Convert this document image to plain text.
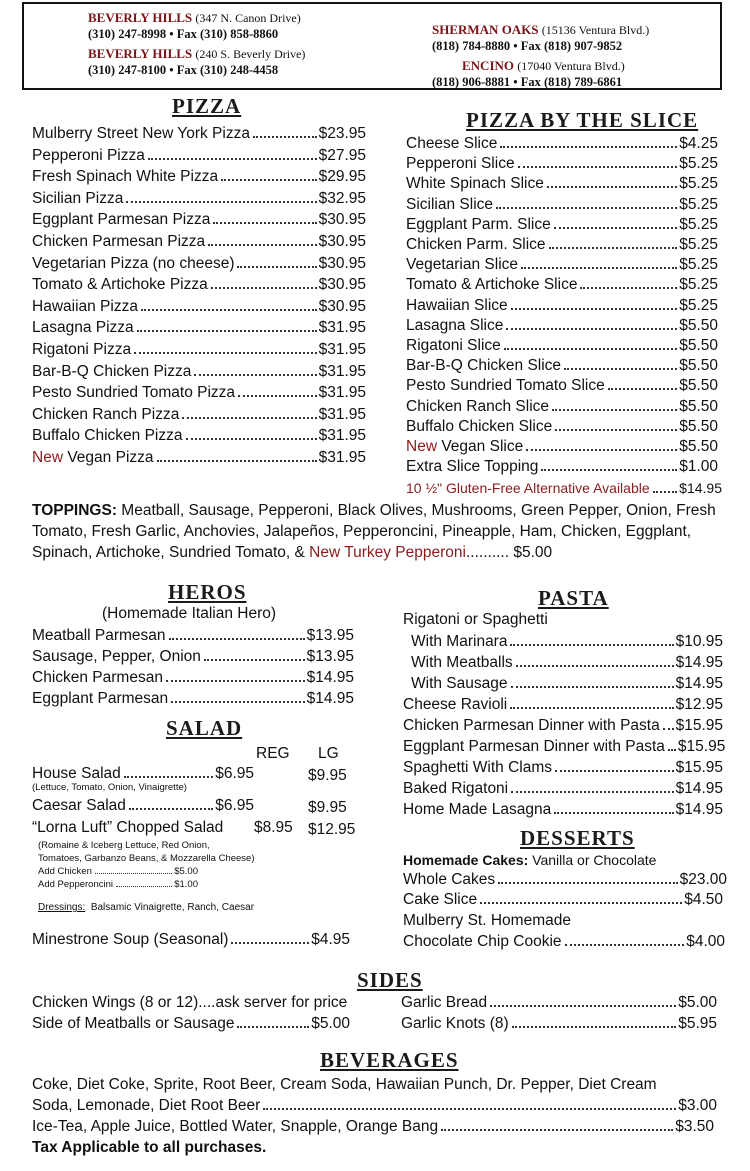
BEVERLY HILLS (347 N. Canon Drive)
(310) 247-8998 • Fax (310) 858-8860
BEVERLY HILLS (240 S. Beverly Drive)
(310) 247-8100 • Fax (310) 248-4458
SHERMAN OAKS (15136 Ventura Blvd.)
(818) 784-8880 • Fax (818) 907-9852
ENCINO (17040 Ventura Blvd.)
(818) 906-8881 • Fax (818) 789-6861
PIZZA
Mulberry Street New York Pizza	$23.95
Pepperoni Pizza	$27.95
Fresh Spinach White Pizza	$29.95
Sicilian Pizza	$32.95
Eggplant Parmesan Pizza	$30.95
Chicken Parmesan Pizza	$30.95
Vegetarian Pizza (no cheese)	$30.95
Tomato & Artichoke Pizza	$30.95
Hawaiian Pizza	$30.95
Lasagna Pizza	$31.95
Rigatoni Pizza	$31.95
Bar-B-Q Chicken Pizza	$31.95
Pesto Sundried Tomato Pizza	$31.95
Chicken Ranch Pizza	$31.95
Buffalo Chicken Pizza	$31.95
New Vegan Pizza	$31.95
PIZZA BY THE SLICE
Cheese Slice	$4.25
Pepperoni Slice	$5.25
White Spinach Slice	$5.25
Sicilian Slice	$5.25
Eggplant Parm. Slice	$5.25
Chicken Parm. Slice	$5.25
Vegetarian Slice	$5.25
Tomato & Artichoke Slice	$5.25
Hawaiian Slice	$5.25
Lasagna Slice	$5.50
Rigatoni Slice	$5.50
Bar-B-Q Chicken Slice	$5.50
Pesto Sundried Tomato Slice	$5.50
Chicken Ranch Slice	$5.50
Buffalo Chicken Slice	$5.50
New Vegan Slice	$5.50
Extra Slice Topping	$1.00
10 ½" Gluten-Free Alternative Available $14.95
TOPPINGS: Meatball, Sausage, Pepperoni, Black Olives, Mushrooms, Green Pepper, Onion, Fresh Tomato, Fresh Garlic, Anchovies, Jalapeños, Pepperoncini, Pineapple, Ham, Chicken, Eggplant, Spinach, Artichoke, Sundried Tomato, & New Turkey Pepperoni.......... $5.00
HEROS
(Homemade Italian Hero)
Meatball Parmesan	$13.95
Sausage, Pepper, Onion	$13.95
Chicken Parmesan	$14.95
Eggplant Parmesan	$14.95
SALAD
REG LG
House Salad	$6.95	$9.95
(Lettuce, Tomato, Onion, Vinaigrette)
Caesar Salad	$6.95	$9.95
“Lorna Luft” Chopped Salad $8.95 $12.95
(Romaine & Iceberg Lettuce, Red Onion,
Tomatoes, Garbanzo Beans, & Mozzarella Cheese)
Add Chicken	$5.00
Add Pepperoncini	$1.00
Dressings: Balsamic Vinaigrette, Ranch, Caesar
Minestrone Soup (Seasonal)	$4.95
PASTA
Rigatoni or Spaghetti
With Marinara	$10.95
With Meatballs	$14.95
With Sausage	$14.95
Cheese Ravioli	$12.95
Chicken Parmesan Dinner with Pasta $15.95
Eggplant Parmesan Dinner with Pasta $15.95
Spaghetti With Clams	$15.95
Baked Rigatoni	$14.95
Home Made Lasagna	$14.95
DESSERTS
Homemade Cakes: Vanilla or Chocolate
Whole Cakes	$23.00
Cake Slice	$4.50
Mulberry St. Homemade
Chocolate Chip Cookie	$4.00
SIDES
Chicken Wings (8 or 12)....ask server for price
Side of Meatballs or Sausage	$5.00
Garlic Bread	$5.00
Garlic Knots (8)	$5.95
BEVERAGES
Coke, Diet Coke, Sprite, Root Beer, Cream Soda, Hawaiian Punch, Dr. Pepper, Diet Cream
Soda, Lemonade, Diet Root Beer	$3.00
Ice-Tea, Apple Juice, Bottled Water, Snapple, Orange Bang	$3.50
Tax Applicable to all purchases.
